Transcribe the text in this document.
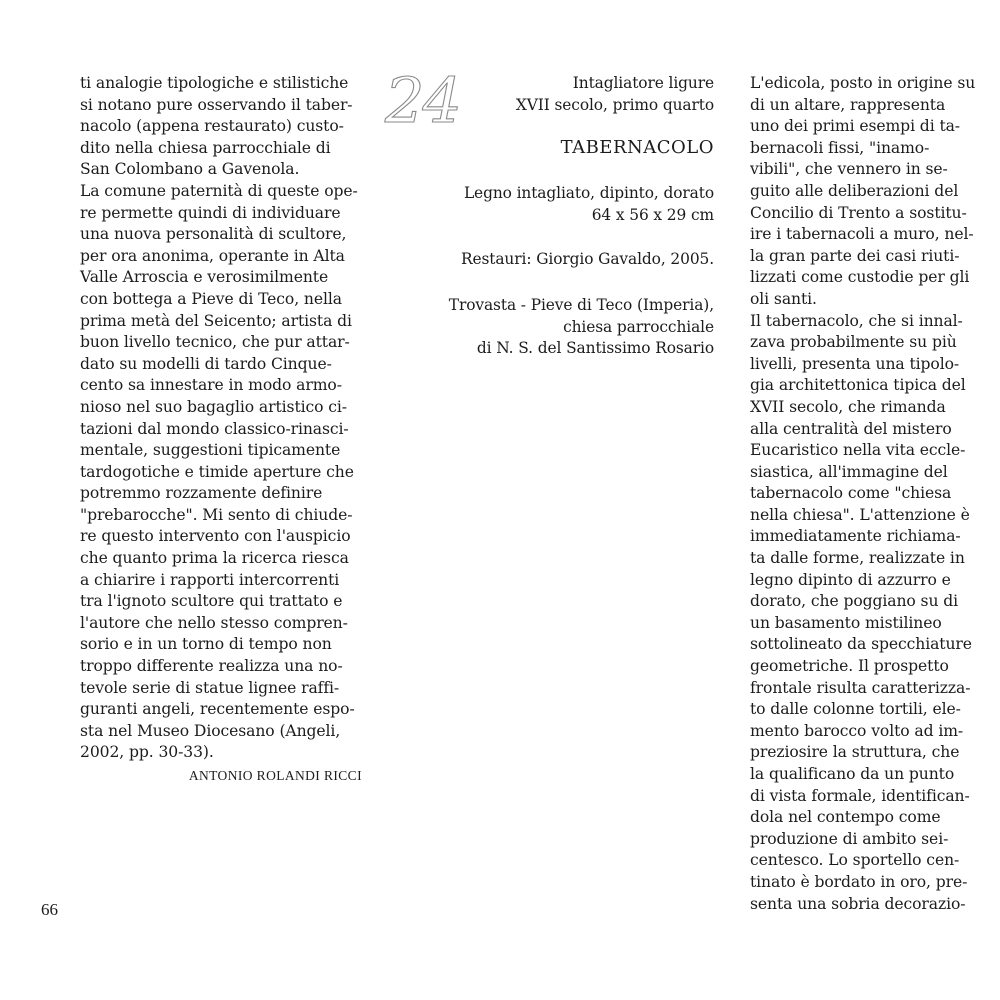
ti analogie tipologiche e stilistiche
si notano pure osservando il taber-
nacolo (appena restaurato) custo-
dito nella chiesa parrocchiale di
San Colombano a Gavenola.
La comune paternità di queste ope-
re permette quindi di individuare
una nuova personalità di scultore,
per ora anonima, operante in Alta
Valle Arroscia e verosimilmente
con bottega a Pieve di Teco, nella
prima metà del Seicento; artista di
buon livello tecnico, che pur attar-
dato su modelli di tardo Cinque-
cento sa innestare in modo armo-
nioso nel suo bagaglio artistico ci-
tazioni dal mondo classico-rinasci-
mentale, suggestioni tipicamente
tardogotiche e timide aperture che
potremmo rozzamente definire
"prebarocche". Mi sento di chiude-
re questo intervento con l'auspicio
che quanto prima la ricerca riesca
a chiarire i rapporti intercorrenti
tra l'ignoto scultore qui trattato e
l'autore che nello stesso compren-
sorio e in un torno di tempo non
troppo differente realizza una no-
tevole serie di statue lignee raffi-
guranti angeli, recentemente espo-
sta nel Museo Diocesano (Angeli,
2002, pp. 30-33).
ANTONIO ROLANDI RICCI
24	Intagliatore ligure
XVII secolo, primo quarto
TABERNACOLO
Legno intagliato, dipinto, dorato
64 x 56 x 29 cm
Restauri: Giorgio Gavaldo, 2005.
Trovasta - Pieve di Teco (Imperia),
chiesa parrocchiale
di N. S. del Santissimo Rosario
L'edicola, posto in origine su
di un altare, rappresenta
uno dei primi esempi di ta-
bernacoli fissi, "inamo-
vibili", che vennero in se-
guito alle deliberazioni del
Concilio di Trento a sostitu-
ire i tabernacoli a muro, nel-
la gran parte dei casi riuti-
lizzati come custodie per gli
oli santi.
Il tabernacolo, che si innal-
zava probabilmente su più
livelli, presenta una tipolo-
gia architettonica tipica del
XVII secolo, che rimanda
alla centralità del mistero
Eucaristico nella vita eccle-
siastica, all'immagine del
tabernacolo come "chiesa
nella chiesa". L'attenzione è
immediatamente richiama-
ta dalle forme, realizzate in
legno dipinto di azzurro e
dorato, che poggiano su di
un basamento mistilineo
sottolineato da specchiature
geometriche. Il prospetto
frontale risulta caratterizza-
to dalle colonne tortili, ele-
mento barocco volto ad im-
preziosire la struttura, che
la qualificano da un punto
di vista formale, identifican-
dola nel contempo come
produzione di ambito sei-
centesco. Lo sportello cen-
tinato è bordato in oro, pre-
senta una sobria decorazio-
66
